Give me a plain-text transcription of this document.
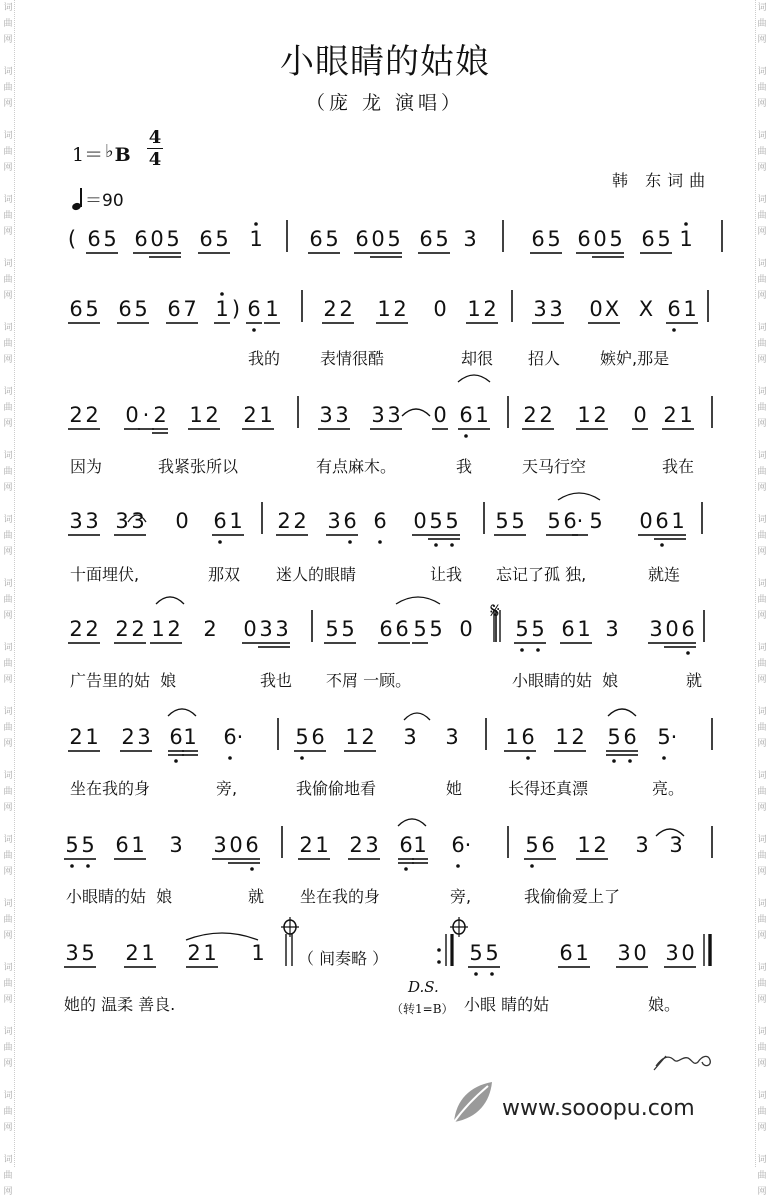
词
曲
网

词
曲
网

词
曲
网

词
曲
网

词
曲
网

词
曲
网

词
曲
网

词
曲
网

词
曲
网

词
曲
网

词
曲
网

词
曲
网

词
曲
网

词
曲
网

词
曲
网

词
曲
网

词
曲
网

词
曲
网

词
曲
网
词
曲
网

词
曲
网

词
曲
网

词
曲
网

词
曲
网

词
曲
网

词
曲
网

词
曲
网

词
曲
网

词
曲
网

词
曲
网

词
曲
网

词
曲
网

词
曲
网

词
曲
网

词
曲
网

词
曲
网

词
曲
网

词
曲
网
小眼睛的姑娘
（庞 龙 演唱）
1＝ ♭B
4
4
＝90
韩 东词曲
( 6 5 6 0 5 6 5 1 6 5 6 0 5 6 5 3	6 5 6 0 5 6 5 1
6 5 6 5 6 7 1 ) 6 1 2 2 1 2 0 1 2 3 3 0 X X 6 1
2 2 0 · 2 1 2 2 1 3 3 3 3 0 6 1 2 2 1 2 0 2 1
3 3 3 3 0 6 1 2 2 3 6 6 0 5 5 5 5 5 6 · 5 0 6 1
2 2 2 2 1 2 2 0 3 3 5 5 6 6 5 5 0 5 5 6 1 3 3 0 6
2 1 2 3 6 1 6 · 5 6 1 2 3 3 1 6 1 2 5 6 5 ·
5 5 6 1 3 3 0 6 2 1 2 3 6 1 6 ·	5 6 1 2 3 3
3 5 2 1 2 1 1	5 5	6 1 3 0 3 0
𝄋
我的 表情很酷	却很 招人 嫉妒,那是
因为	我紧张所以	有点麻木。	我	天马行空	我在
十面埋伏,	那双 迷人的眼睛	让我 忘记了孤 独,	就连
广告里的姑  娘	我也 不屑 一顾。	小眼睛的姑  娘	就
坐在我的身	旁,	我偷偷地看	她	长得还真漂	亮。
小眼睛的姑  娘	就 坐在我的身	旁,	我偷偷爱上了
她的 温柔 善良.	小眼 睛的姑	娘。
（ 间奏略 ）
D.S.
（转1=B）
www.sooopu.com
